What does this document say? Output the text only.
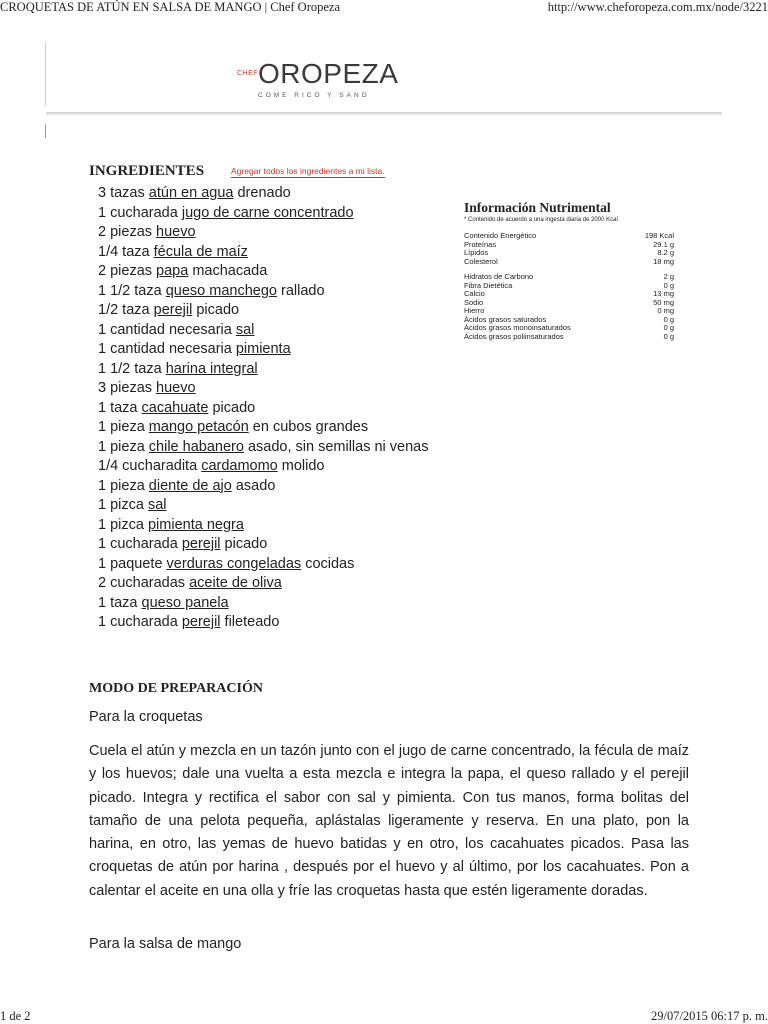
CROQUETAS DE ATÚN EN SALSA DE MANGO | Chef Oropeza	http://www.cheforopeza.com.mx/node/3221
CHEF OROPEZA
COME RICO Y SANO
INGREDIENTES	Agregar todos los ingredientes a mi lista.
3 tazas atún en agua drenado
1 cucharada jugo de carne concentrado
2 piezas huevo
1/4 taza fécula de maíz
2 piezas papa machacada
1 1/2 taza queso manchego rallado
1/2 taza perejil picado
1 cantidad necesaria sal
1 cantidad necesaria pimienta
1 1/2 taza harina integral
3 piezas huevo
1 taza cacahuate picado
1 pieza mango petacón en cubos grandes
1 pieza chile habanero asado, sin semillas ni venas
1/4 cucharadita cardamomo molido
1 pieza diente de ajo asado
1 pizca sal
1 pizca pimienta negra
1 cucharada perejil picado
1 paquete verduras congeladas cocidas
2 cucharadas aceite de oliva
1 taza queso panela
1 cucharada perejil fileteado
Información Nutrimental
* Contenido de acuerdo a una ingesta diaria de 2000 Kcal
Contenido Energético	198 Kcal
Proteínas	29.1 g
Lípidos	8.2 g
Colesterol	18 mg
Hidratos de Carbono	2 g
Fibra Dietética	0 g
Calcio	13 mg
Sodio	50 mg
Hierro	0 mg
Ácidos grasos saturados	0 g
Ácidos grasos monoinsaturados	0 g
Ácidos grasos poliinsaturados	0 g
MODO DE PREPARACIÓN
Para la croquetas

Cuela el atún y mezcla en un tazón junto con el jugo de carne concentrado, la fécula de maíz y los huevos; dale una vuelta a esta mezcla e integra la papa, el queso rallado y el perejil picado. Integra y rectifica el sabor con sal y pimienta. Con tus manos, forma bolitas del tamaño de una pelota pequeña, aplástalas ligeramente y reserva. En una plato, pon la harina, en otro, las yemas de huevo batidas y en otro, los cacahuates picados. Pasa las croquetas de atún por harina , después por el huevo y al último, por los cacahuates. Pon a calentar el aceite en una olla y fríe las croquetas hasta que estén ligeramente doradas.

Para la salsa de mango
1 de 2	29/07/2015 06:17 p. m.
